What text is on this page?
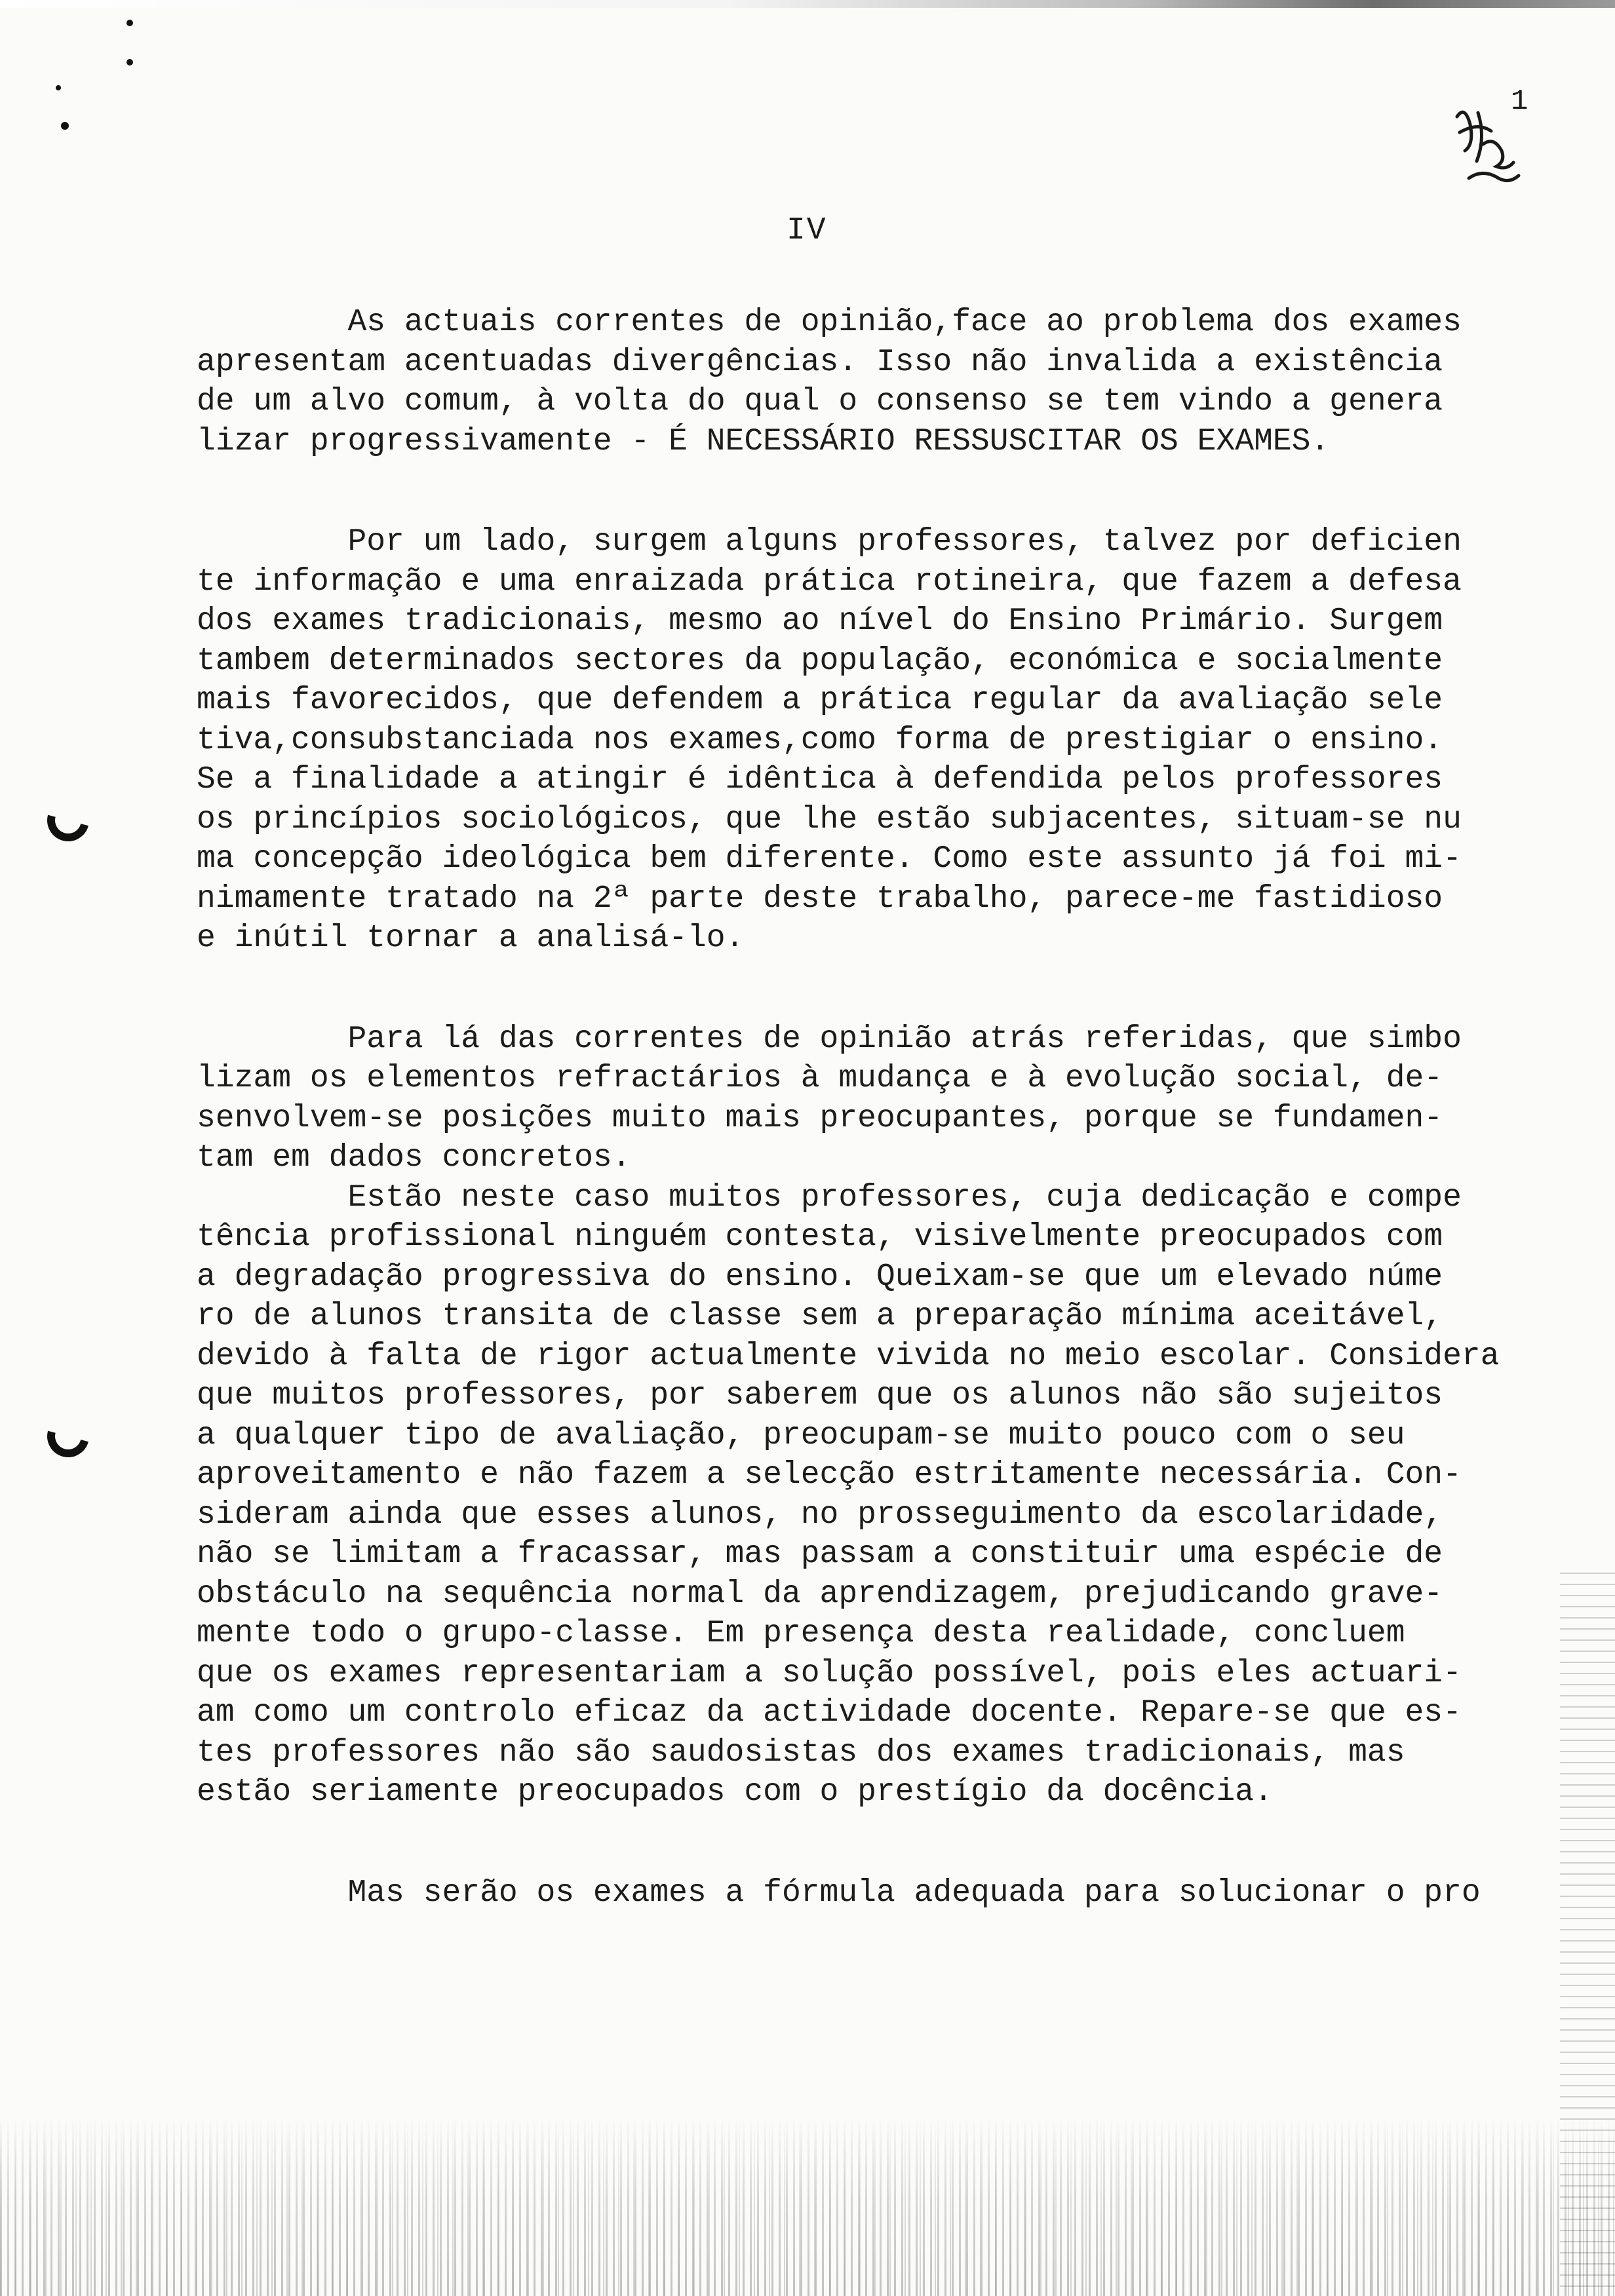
1
IV

As actuais correntes de opinião,face ao problema dos exames
apresentam acentuadas divergências. Isso não invalida a existência
de um alvo comum, à volta do qual o consenso se tem vindo a genera
lizar progressivamente - É NECESSÁRIO RESSUSCITAR OS EXAMES.

Por um lado, surgem alguns professores, talvez por deficien
te informação e uma enraizada prática rotineira, que fazem a defesa
dos exames tradicionais, mesmo ao nível do Ensino Primário. Surgem
tambem determinados sectores da população, económica e socialmente
mais favorecidos, que defendem a prática regular da avaliação sele
tiva,consubstanciada nos exames,como forma de prestigiar o ensino.
Se a finalidade a atingir é idêntica à defendida pelos professores
os princípios sociológicos, que lhe estão subjacentes, situam-se nu
ma concepção ideológica bem diferente. Como este assunto já foi mi-
nimamente tratado na 2ª parte deste trabalho, parece-me fastidioso
e inútil tornar a analisá-lo.

Para lá das correntes de opinião atrás referidas, que simbo
lizam os elementos refractários à mudança e à evolução social, de-
senvolvem-se posições muito mais preocupantes, porque se fundamen-
tam em dados concretos.

Estão neste caso muitos professores, cuja dedicação e compe
tência profissional ninguém contesta, visivelmente preocupados com
a degradação progressiva do ensino. Queixam-se que um elevado núme
ro de alunos transita de classe sem a preparação mínima aceitável,
devido à falta de rigor actualmente vivida no meio escolar. Considera
que muitos professores, por saberem que os alunos não são sujeitos
a qualquer tipo de avaliação, preocupam-se muito pouco com o seu
aproveitamento e não fazem a selecção estritamente necessária. Con-
sideram ainda que esses alunos, no prosseguimento da escolaridade,
não se limitam a fracassar, mas passam a constituir uma espécie de
obstáculo na sequência normal da aprendizagem, prejudicando grave-
mente todo o grupo-classe. Em presença desta realidade, concluem
que os exames representariam a solução possível, pois eles actuari-
am como um controlo eficaz da actividade docente. Repare-se que es-
tes professores não são saudosistas dos exames tradicionais, mas
estão seriamente preocupados com o prestígio da docência.

Mas serão os exames a fórmula adequada para solucionar o pro
